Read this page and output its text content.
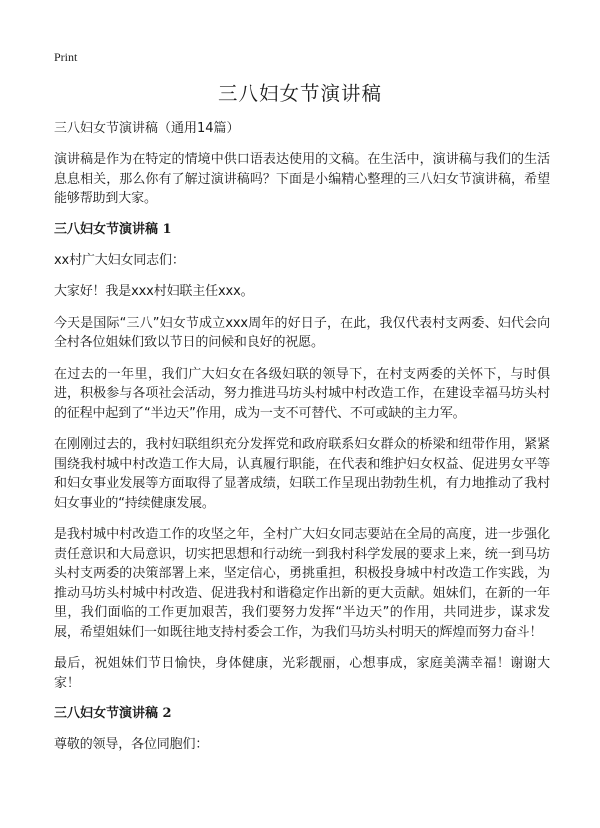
Print
三八妇女节演讲稿

三八妇女节演讲稿（通用14篇）

演讲稿是作为在特定的情境中供口语表达使用的文稿。在生活中，演讲稿与我们的生活息息相关，那么你有了解过演讲稿吗？下面是小编精心整理的三八妇女节演讲稿，希望能够帮助到大家。

三八妇女节演讲稿 1

xx村广大妇女同志们：

大家好！我是xxx村妇联主任xxx。

今天是国际“三八”妇女节成立xxx周年的好日子，在此，我仅代表村支两委、妇代会向全村各位姐妹们致以节日的问候和良好的祝愿。

在过去的一年里，我们广大妇女在各级妇联的领导下，在村支两委的关怀下，与时俱进，积极参与各项社会活动，努力推进马坊头村城中村改造工作，在建设幸福马坊头村的征程中起到了“半边天”作用，成为一支不可替代、不可或缺的主力军。

在刚刚过去的，我村妇联组织充分发挥党和政府联系妇女群众的桥梁和纽带作用，紧紧围绕我村城中村改造工作大局，认真履行职能，在代表和维护妇女权益、促进男女平等和妇女事业发展等方面取得了显著成绩，妇联工作呈现出勃勃生机，有力地推动了我村妇女事业的“持续健康发展。

是我村城中村改造工作的攻坚之年，全村广大妇女同志要站在全局的高度，进一步强化责任意识和大局意识，切实把思想和行动统一到我村科学发展的要求上来，统一到马坊头村支两委的决策部署上来，坚定信心，勇挑重担，积极投身城中村改造工作实践，为推动马坊头村城中村改造、促进我村和谐稳定作出新的更大贡献。姐妹们，在新的一年里，我们面临的工作更加艰苦，我们要努力发挥“半边天”的作用，共同进步，谋求发展，希望姐妹们一如既往地支持村委会工作，为我们马坊头村明天的辉煌而努力奋斗！

最后，祝姐妹们节日愉快，身体健康，光彩靓丽，心想事成，家庭美满幸福！谢谢大家！

三八妇女节演讲稿 2

尊敬的领导，各位同胞们：
